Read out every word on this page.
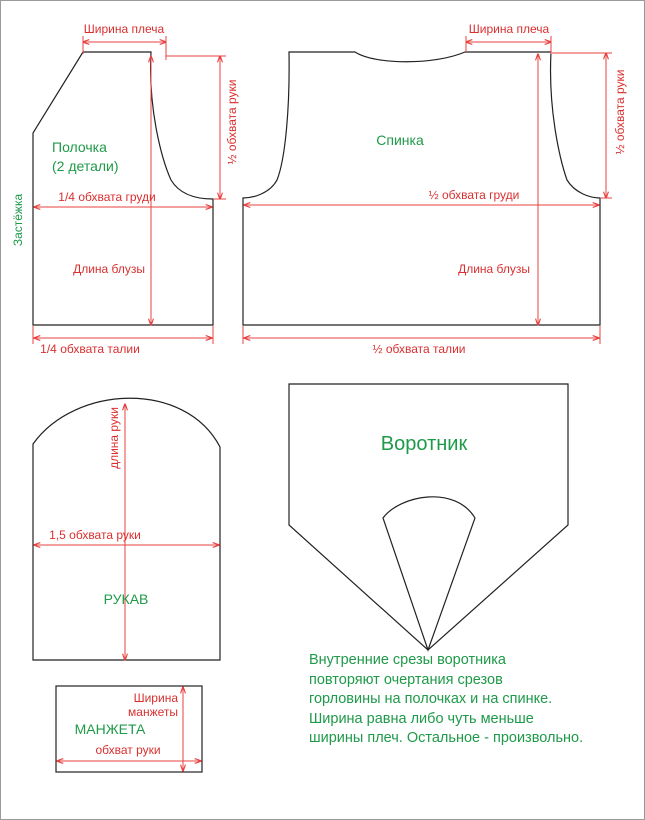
Ширина плеча
½ обхвата руки
1/4 обхвата груди
Длина блузы
1/4 обхвата талии
Полочка
(2 детали)
Застёжка
Ширина плеча
½ обхвата руки
½ обхвата груди
Длина блузы
½ обхвата талии
Спинка
длина руки
1,5 обхвата руки
РУКАВ
Ширина
манжеты
обхват руки
МАНЖЕТА
Воротник
Внутренние срезы воротника
повторяют очертания срезов
горловины на полочках и на спинке.
Ширина равна либо чуть меньше
ширины плеч. Остальное - произвольно.
